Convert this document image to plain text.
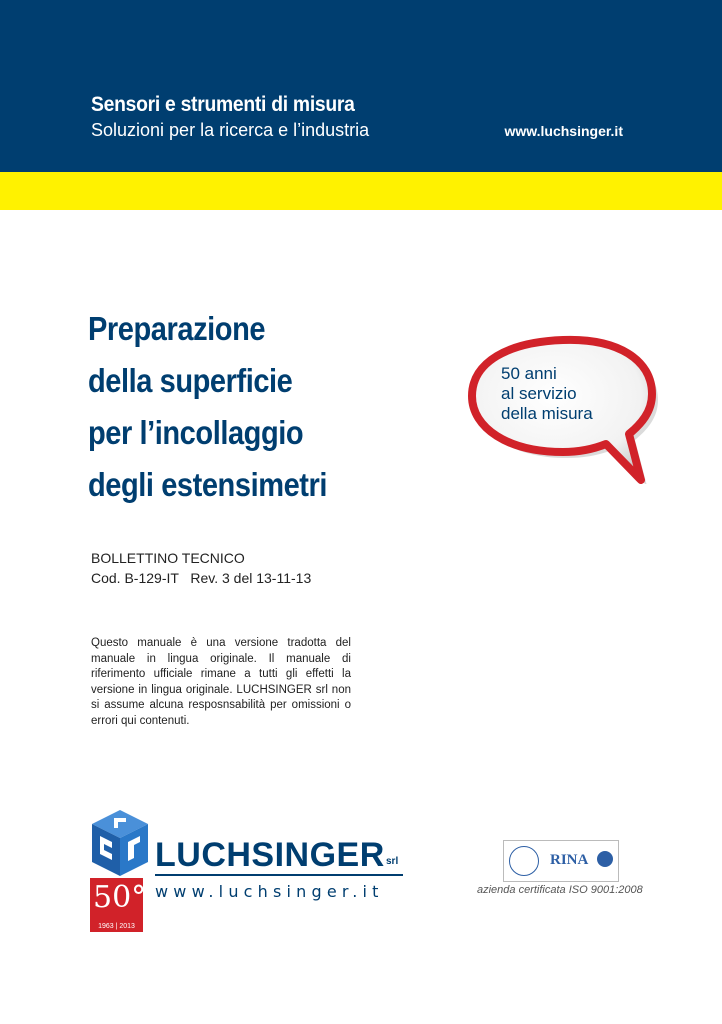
Sensori e strumenti di misura
Soluzioni per la ricerca e l’industria	www.luchsinger.it
Preparazione
della superficie
per l’incollaggio
degli estensimetri
50 anni
al servizio
della misura
BOLLETTINO TECNICO
Cod. B-129-IT   Rev. 3 del 13-11-13
Questo manuale è una versione tradotta del manuale in lingua originale. Il manuale di riferimento ufficiale rimane a tutti gli effetti la versione in lingua originale. LUCHSINGER srl non si assume alcuna resposnsabilità per omissioni o errori qui contenuti.
50°
1963 | 2013
LUCHSINGER srl
www.luchsinger.it
RINA
azienda certificata ISO 9001:2008
